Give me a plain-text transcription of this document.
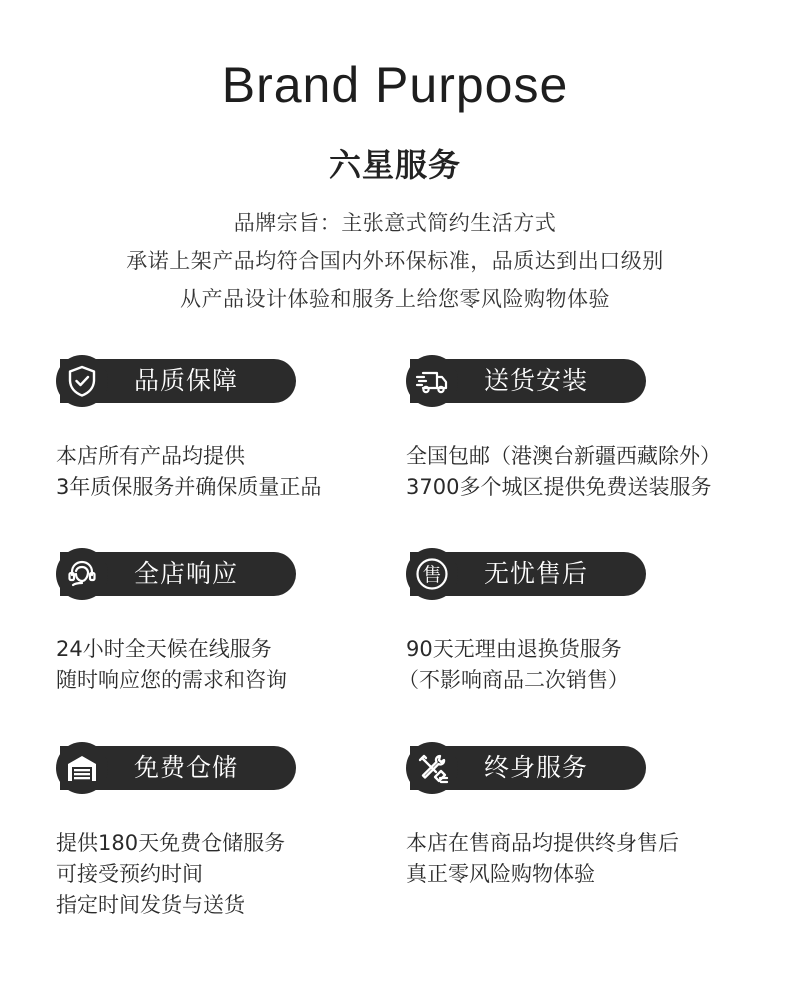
Brand Purpose
六星服务

品牌宗旨：主张意式简约生活方式

承诺上架产品均符合国内外环保标准，品质达到出口级别

从产品设计体验和服务上给您零风险购物体验

品质保障

本店所有产品均提供

3年质保服务并确保质量正品

送货安装

全国包邮（港澳台新疆西藏除外）

3700多个城区提供免费送装服务

全店响应

24小时全天候在线服务

随时响应您的需求和咨询

售 无忧售后

90天无理由退换货服务

（不影响商品二次销售）

免费仓储

提供180天免费仓储服务

可接受预约时间

指定时间发货与送货

终身服务

本店在售商品均提供终身售后

真正零风险购物体验
